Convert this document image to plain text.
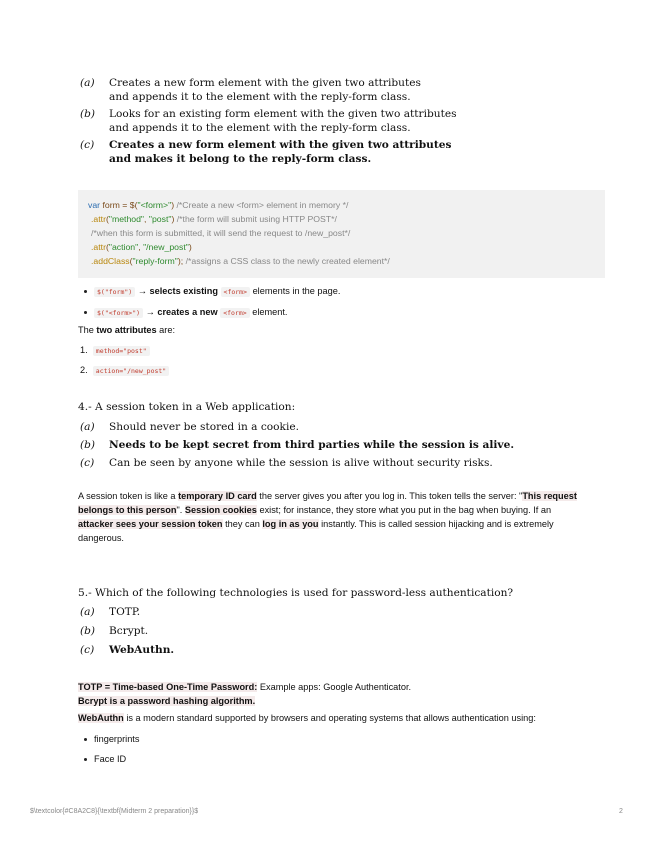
(a) Creates a new form element with the given two attributes
and appends it to the element with the reply-form class.
(b) Looks for an existing form element with the given two attributes
and appends it to the element with the reply-form class.
(c) Creates a new form element with the given two attributes
and makes it belong to the reply-form class.
var form = $("<form>") /*Create a new <form> element in memory */
.attr("method", "post") /*the form will submit using HTTP POST*/
/*when this form is submitted, it will send the request to /new_post*/
.attr("action", "/new_post")
.addClass("reply-form"); /*assigns a CSS class to the newly created element*/
$("form") → selects existing <form> elements in the page.
$("<form>") → creates a new <form> element.
The two attributes are:
1. method="post"
2. action="/new_post"
4.- A session token in a Web application:
(a) Should never be stored in a cookie.
(b) Needs to be kept secret from third parties while the session is alive.
(c) Can be seen by anyone while the session is alive without security risks.
A session token is like a temporary ID card the server gives you after you log in. This token tells the server: "This request belongs to this person". Session cookies exist; for instance, they store what you put in the bag when buying. If an attacker sees your session token they can log in as you instantly. This is called session hijacking and is extremely dangerous.
5.- Which of the following technologies is used for password-less authentication?
(a) TOTP.
(b) Bcrypt.
(c) WebAuthn.
TOTP = Time-based One-Time Password: Example apps: Google Authenticator.
Bcrypt is a password hashing algorithm.
WebAuthn is a modern standard supported by browsers and operating systems that allows authentication using:
fingerprints
Face ID
$\textcolor{#C8A2C8}{\textbf{Midterm 2 preparation}}$	2
